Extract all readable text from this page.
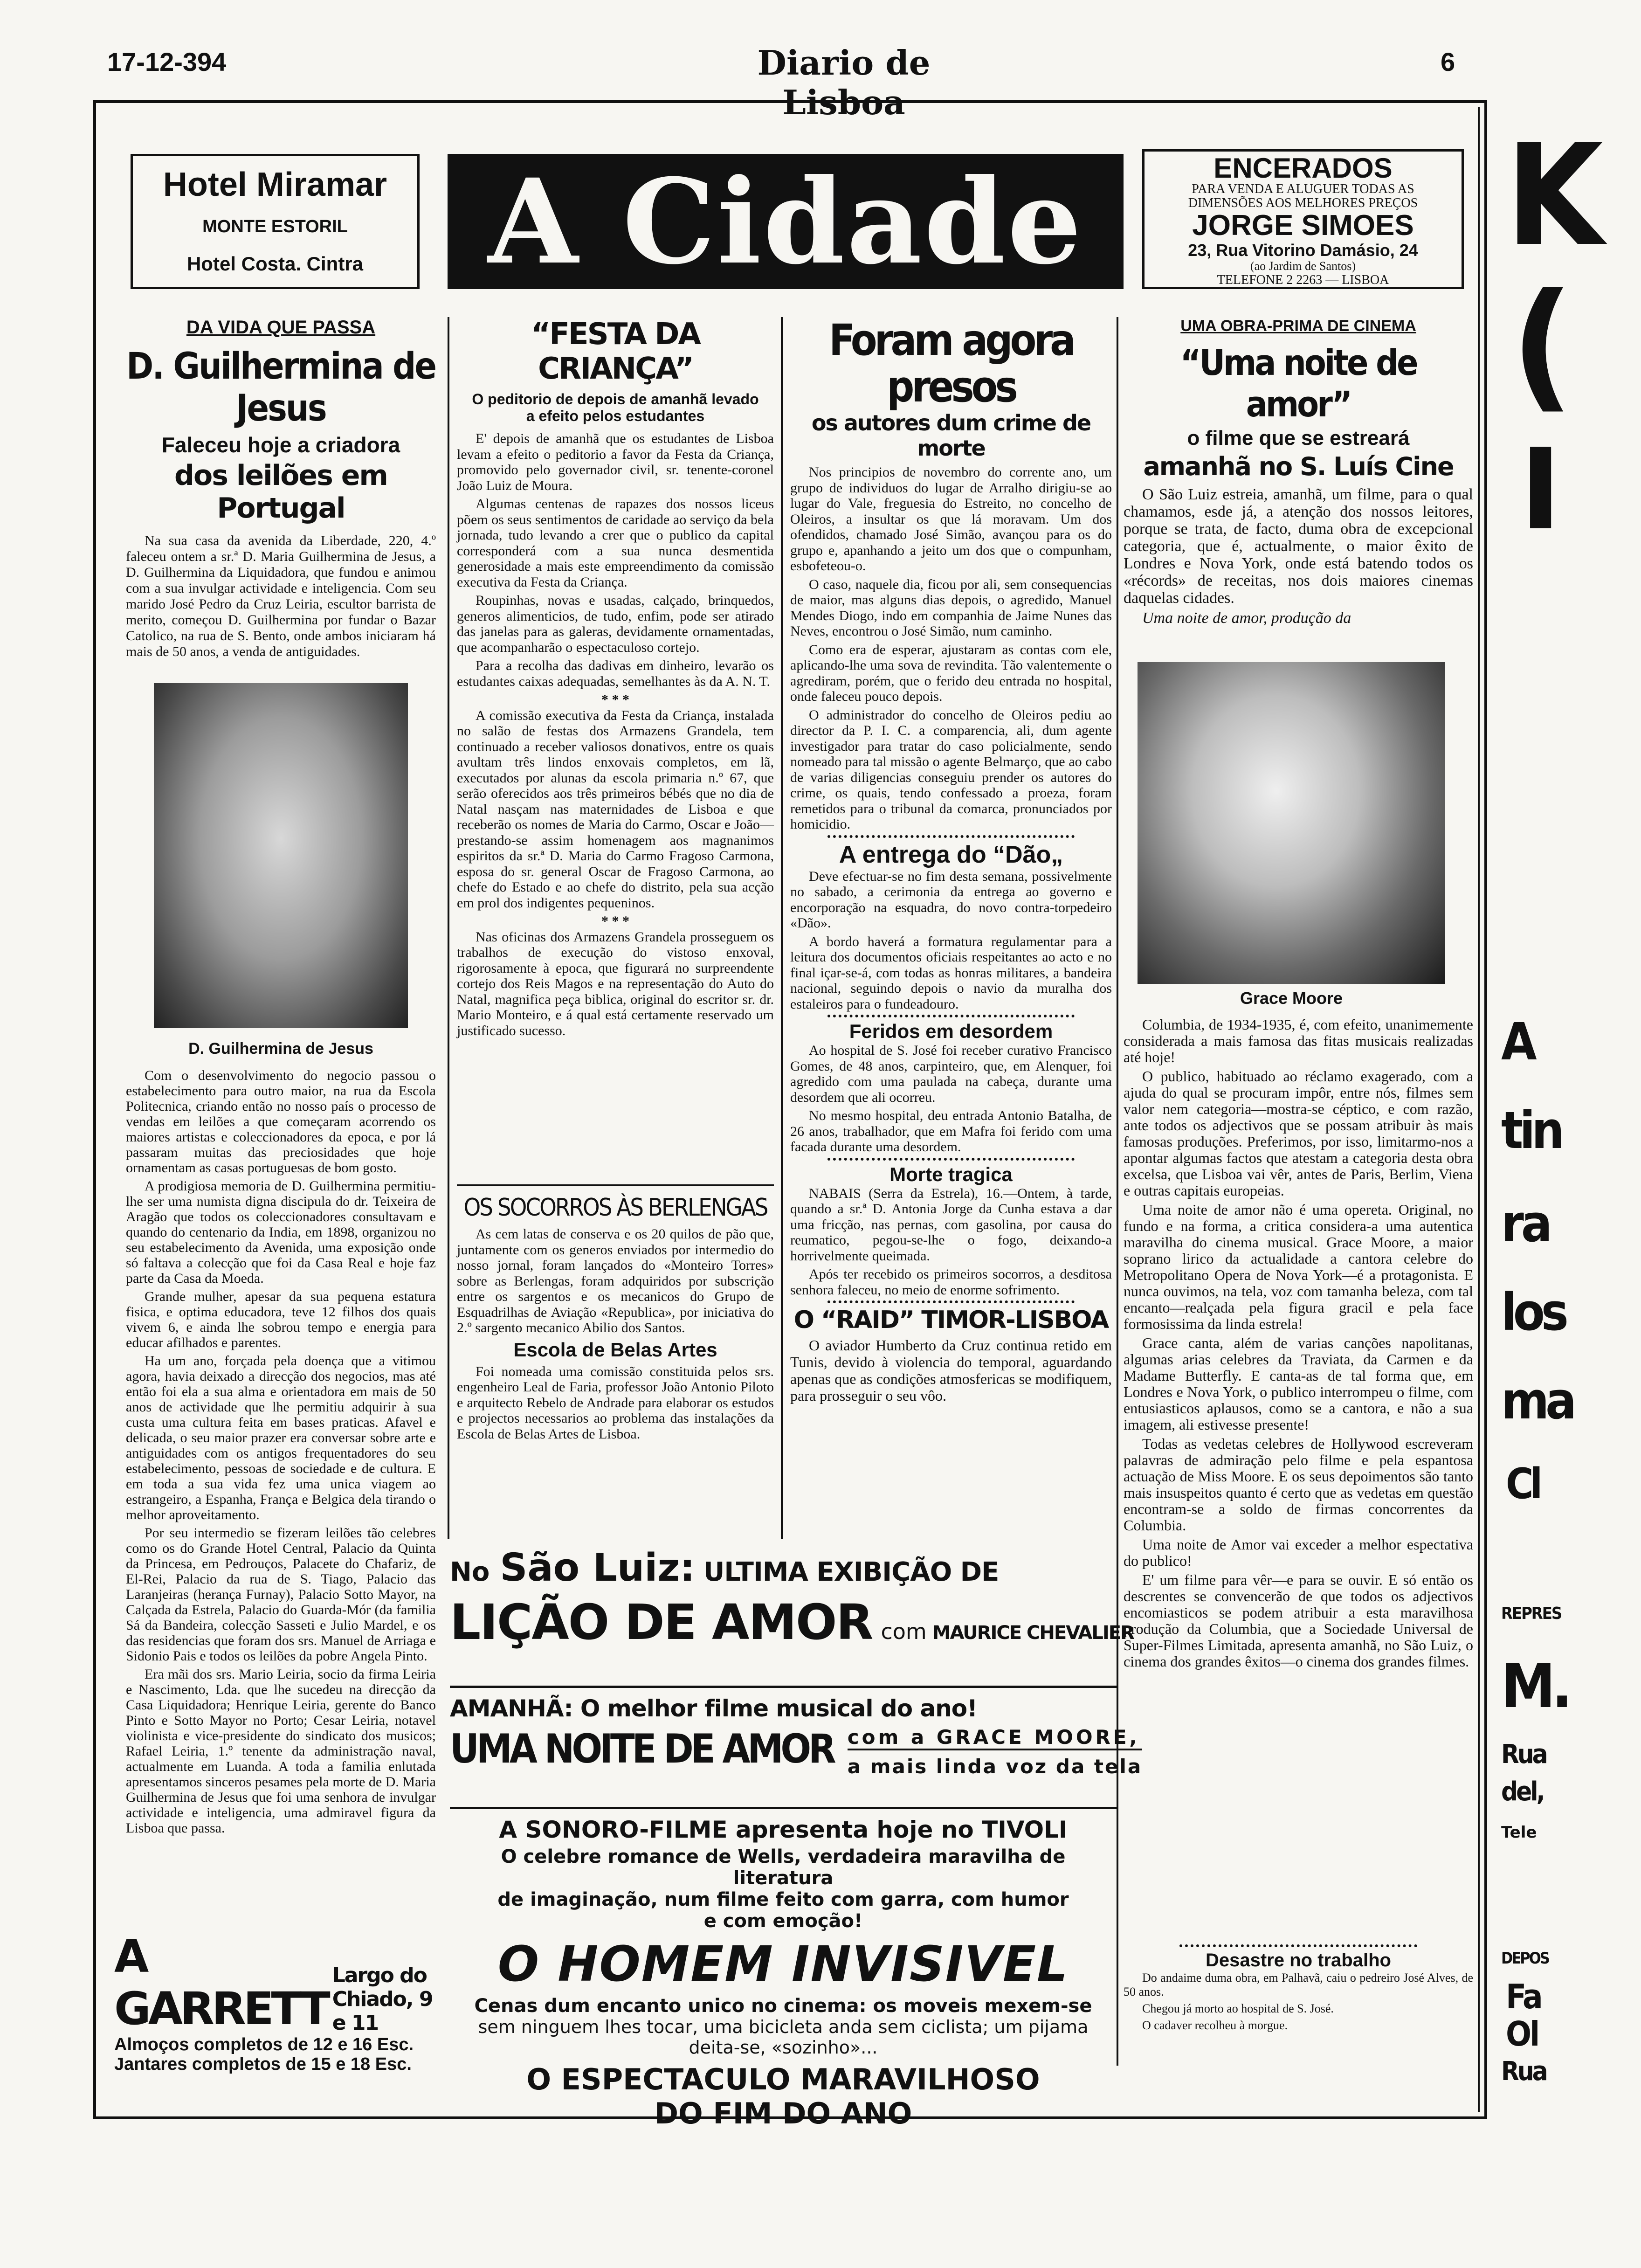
17-12-394	Diario de Lisboa
6
Hotel Miramar
MONTE ESTORIL
Hotel Costa. Cintra	A Cidade	ENCERADOS
PARA VENDA E ALUGUER TODAS AS
DIMENSÕES AOS MELHORES PREÇOS
JORGE SIMOES
23, Rua Vitorino Damásio, 24
(ao Jardim de Santos)
TELEFONE 2 2263 — LISBOA
DA VIDA QUE PASSA
D. Guilhermina de Jesus
Faleceu hoje a criadora
dos leilões em Portugal

Na sua casa da avenida da Liberdade, 220, 4.º faleceu ontem a sr.ª D. Maria Guilhermina de Jesus, a D. Guilhermina da Liquidadora, que fundou e animou com a sua invulgar actividade e inteligencia. Com seu marido José Pedro da Cruz Leiria, escultor barrista de merito, começou D. Guilhermina por fundar o Bazar Catolico, na rua de S. Bento, onde ambos iniciaram há mais de 50 anos, a venda de antiguidades.

D. Guilhermina de Jesus

Com o desenvolvimento do negocio passou o estabelecimento para outro maior, na rua da Escola Politecnica, criando então no nosso país o processo de vendas em leilões a que começaram acorrendo os maiores artistas e coleccionadores da epoca, e por lá passaram muitas das preciosidades que hoje ornamentam as casas portuguesas de bom gosto.

A prodigiosa memoria de D. Guilhermina permitiu-lhe ser uma numista digna discipula do dr. Teixeira de Aragão que todos os coleccionadores consultavam e quando do centenario da India, em 1898, organizou no seu estabelecimento da Avenida, uma exposição onde só faltava a colecção que foi da Casa Real e hoje faz parte da Casa da Moeda.

Grande mulher, apesar da sua pequena estatura fisica, e optima educadora, teve 12 filhos dos quais vivem 6, e ainda lhe sobrou tempo e energia para educar afilhados e parentes.

Ha um ano, forçada pela doença que a vitimou agora, havia deixado a direcção dos negocios, mas até então foi ela a sua alma e orientadora em mais de 50 anos de actividade que lhe permitiu adquirir à sua custa uma cultura feita em bases praticas. Afavel e delicada, o seu maior prazer era conversar sobre arte e antiguidades com os antigos frequentadores do seu estabelecimento, pessoas de sociedade e de cultura. E em toda a sua vida fez uma unica viagem ao estrangeiro, a Espanha, França e Belgica dela tirando o melhor aproveitamento.

Por seu intermedio se fizeram leilões tão celebres como os do Grande Hotel Central, Palacio da Quinta da Princesa, em Pedrouços, Palacete do Chafariz, de El-Rei, Palacio da rua de S. Tiago, Palacio das Laranjeiras (herança Furnay), Palacio Sotto Mayor, na Calçada da Estrela, Palacio do Guarda-Mór (da familia Sá da Bandeira, colecção Sasseti e Julio Mardel, e os das residencias que foram dos srs. Manuel de Arriaga e Sidonio Pais e todos os leilões da pobre Angela Pinto.

Era mãi dos srs. Mario Leiria, socio da firma Leiria e Nascimento, Lda. que lhe sucedeu na direcção da Casa Liquidadora; Henrique Leiria, gerente do Banco Pinto e Sotto Mayor no Porto; Cesar Leiria, notavel violinista e vice-presidente do sindicato dos musicos; Rafael Leiria, 1.º tenente da administração naval, actualmente em Luanda. A toda a familia enlutada apresentamos sinceros pesames pela morte de D. Maria Guilhermina de Jesus que foi uma senhora de invulgar actividade e inteligencia, uma admiravel figura da Lisboa que passa.

A GARRETT
Largo do Chiado, 9 e 11
Almoços completos de 12 e 16 Esc.
Jantares completos de 15 e 18 Esc.
“FESTA DA CRIANÇA”
O peditorio de depois de amanhã levado a efeito pelos estudantes

E' depois de amanhã que os estudantes de Lisboa levam a efeito o peditorio a favor da Festa da Criança, promovido pelo governador civil, sr. tenente-coronel João Luiz de Moura.

Algumas centenas de rapazes dos nossos liceus põem os seus sentimentos de caridade ao serviço da bela jornada, tudo levando a crer que o publico da capital corresponderá com a sua nunca desmentida generosidade a mais este empreendimento da comissão executiva da Festa da Criança.

Roupinhas, novas e usadas, calçado, brinquedos, generos alimenticios, de tudo, enfim, pode ser atirado das janelas para as galeras, devidamente ornamentadas, que acompanharão o espectaculoso cortejo.

Para a recolha das dadivas em dinheiro, levarão os estudantes caixas adequadas, semelhantes às da A. N. T.

* * *

A comissão executiva da Festa da Criança, instalada no salão de festas dos Armazens Grandela, tem continuado a receber valiosos donativos, entre os quais avultam três lindos enxovais completos, em lã, executados por alunas da escola primaria n.º 67, que serão oferecidos aos três primeiros bébés que no dia de Natal nasçam nas maternidades de Lisboa e que receberão os nomes de Maria do Carmo, Oscar e João—prestando-se assim homenagem aos magnanimos espiritos da sr.ª D. Maria do Carmo Fragoso Carmona, esposa do sr. general Oscar de Fragoso Carmona, ao chefe do Estado e ao chefe do distrito, pela sua acção em prol dos indigentes pequeninos.

* * *

Nas oficinas dos Armazens Grandela prosseguem os trabalhos de execução do vistoso enxoval, rigorosamente à epoca, que figurará no surpreendente cortejo dos Reis Magos e na representação do Auto do Natal, magnifica peça biblica, original do escritor sr. dr. Mario Monteiro, e á qual está certamente reservado um justificado sucesso.

OS SOCORROS ÀS BERLENGAS

As cem latas de conserva e os 20 quilos de pão que, juntamente com os generos enviados por intermedio do nosso jornal, foram lançados do «Monteiro Torres» sobre as Berlengas, foram adquiridos por subscrição entre os sargentos e os mecanicos do Grupo de Esquadrilhas de Aviação «Republica», por iniciativa do 2.º sargento mecanico Abilio dos Santos.

Escola de Belas Artes

Foi nomeada uma comissão constituida pelos srs. engenheiro Leal de Faria, professor João Antonio Piloto e arquitecto Rebelo de Andrade para elaborar os estudos e projectos necessarios ao problema das instalações da Escola de Belas Artes de Lisboa.

Foram agora presos
os autores dum crime de morte

Nos principios de novembro do corrente ano, um grupo de individuos do lugar de Arralho dirigiu-se ao lugar do Vale, freguesia do Estreito, no concelho de Oleiros, a insultar os que lá moravam. Um dos ofendidos, chamado José Simão, avançou para os do grupo e, apanhando a jeito um dos que o compunham, esbofeteou-o.

O caso, naquele dia, ficou por ali, sem consequencias de maior, mas alguns dias depois, o agredido, Manuel Mendes Diogo, indo em companhia de Jaime Nunes das Neves, encontrou o José Simão, num caminho.

Como era de esperar, ajustaram as contas com ele, aplicando-lhe uma sova de revindita. Tão valentemente o agrediram, porém, que o ferido deu entrada no hospital, onde faleceu pouco depois.

O administrador do concelho de Oleiros pediu ao director da P. I. C. a comparencia, ali, dum agente investigador para tratar do caso policialmente, sendo nomeado para tal missão o agente Belmarço, que ao cabo de varias diligencias conseguiu prender os autores do crime, os quais, tendo confessado a proeza, foram remetidos para o tribunal da comarca, pronunciados por homicidio.

A entrega do “Dão„

Deve efectuar-se no fim desta semana, possivelmente no sabado, a cerimonia da entrega ao governo e encorporação na esquadra, do novo contra-torpedeiro «Dão».

A bordo haverá a formatura regulamentar para a leitura dos documentos oficiais respeitantes ao acto e no final içar-se-á, com todas as honras militares, a bandeira nacional, seguindo depois o navio da muralha dos estaleiros para o fundeadouro.

Feridos em desordem

Ao hospital de S. José foi receber curativo Francisco Gomes, de 48 anos, carpinteiro, que, em Alenquer, foi agredido com uma paulada na cabeça, durante uma desordem que ali ocorreu.

No mesmo hospital, deu entrada Antonio Batalha, de 26 anos, trabalhador, que em Mafra foi ferido com uma facada durante uma desordem.

Morte tragica

NABAIS (Serra da Estrela), 16.—Ontem, à tarde, quando a sr.ª D. Antonia Jorge da Cunha estava a dar uma fricção, nas pernas, com gasolina, por causa do reumatico, pegou-se-lhe o fogo, deixando-a horrivelmente queimada.

Após ter recebido os primeiros socorros, a desditosa senhora faleceu, no meio de enorme sofrimento.

O “RAID” TIMOR-LISBOA

O aviador Humberto da Cruz continua retido em Tunis, devido à violencia do temporal, aguardando apenas que as condições atmosfericas se modifiquem, para prosseguir o seu vôo.

UMA OBRA-PRIMA DE CINEMA
“Uma noite de amor”
o filme que se estreará
amanhã no S. Luís Cine

O São Luiz estreia, amanhã, um filme, para o qual chamamos, esde já, a atenção dos nossos leitores, porque se trata, de facto, duma obra de excepcional categoria, que é, actualmente, o maior êxito de Londres e Nova York, onde está batendo todos os «récords» de receitas, nos dois maiores cinemas daquelas cidades.

Uma noite de amor, produção da

Grace Moore

Columbia, de 1934-1935, é, com efeito, unanimemente considerada a mais famosa das fitas musicais realizadas até hoje!

O publico, habituado ao réclamo exagerado, com a ajuda do qual se procuram impôr, entre nós, filmes sem valor nem categoria—mostra-se céptico, e com razão, ante todos os adjectivos que se possam atribuir às mais famosas produções. Preferimos, por isso, limitarmo-nos a apontar algumas factos que atestam a categoria desta obra excelsa, que Lisboa vai vêr, antes de Paris, Berlim, Viena e outras capitais europeias.

Uma noite de amor não é uma opereta. Original, no fundo e na forma, a critica considera-a uma autentica maravilha do cinema musical. Grace Moore, a maior soprano lirico da actualidade a cantora celebre do Metropolitano Opera de Nova York—é a protagonista. E nunca ouvimos, na tela, voz com tamanha beleza, com tal encanto—realçada pela figura gracil e pela face formosissima da linda estrela!

Grace canta, além de varias canções napolitanas, algumas arias celebres da Traviata, da Carmen e da Madame Butterfly. E canta-as de tal forma que, em Londres e Nova York, o publico interrompeu o filme, com entusiasticos aplausos, como se a cantora, e não a sua imagem, ali estivesse presente!

Todas as vedetas celebres de Hollywood escreveram palavras de admiração pelo filme e pela espantosa actuação de Miss Moore. E os seus depoimentos são tanto mais insuspeitos quanto é certo que as vedetas em questão encontram-se a soldo de firmas concorrentes da Columbia.

Uma noite de Amor vai exceder a melhor espectativa do publico!

E' um filme para vêr—e para se ouvir. E só então os descrentes se convencerão de que todos os adjectivos encomiasticos se podem atribuir a esta maravilhosa produção da Columbia, que a Sociedade Universal de Super-Filmes Limitada, apresenta amanhã, no São Luiz, o cinema dos grandes êxitos—o cinema dos grandes filmes.

Desastre no trabalho

Do andaime duma obra, em Palhavã, caiu o pedreiro José Alves, de 50 anos.

Chegou já morto ao hospital de S. José.

O cadaver recolheu à morgue.

No São Luiz: ULTIMA EXIBIÇÃO DE
LIÇÃO DE AMOR com MAURICE CHEVALIER
AMANHÃ: O melhor filme musical do ano!
UMA NOITE DE AMOR com a GRACE MOORE,
a mais linda voz da tela
A SONORO-FILME apresenta hoje no TIVOLI
O celebre romance de Wells, verdadeira maravilha de literatura
de imaginação, num filme feito com garra, com humor
e com emoção!
O HOMEM INVISIVEL
Cenas dum encanto unico no cinema: os moveis mexem-se
sem ninguem lhes tocar, uma bicicleta anda sem ciclista; um pijama
deita-se, «sozinho»...
O ESPECTACULO MARAVILHOSO
DO FIM DO ANO
K
(
I
A
tin
ra
los
ma
Cl
REPRES
M.
Rua
del,
Tele
DEPOS
Fa
Ol
Rua
